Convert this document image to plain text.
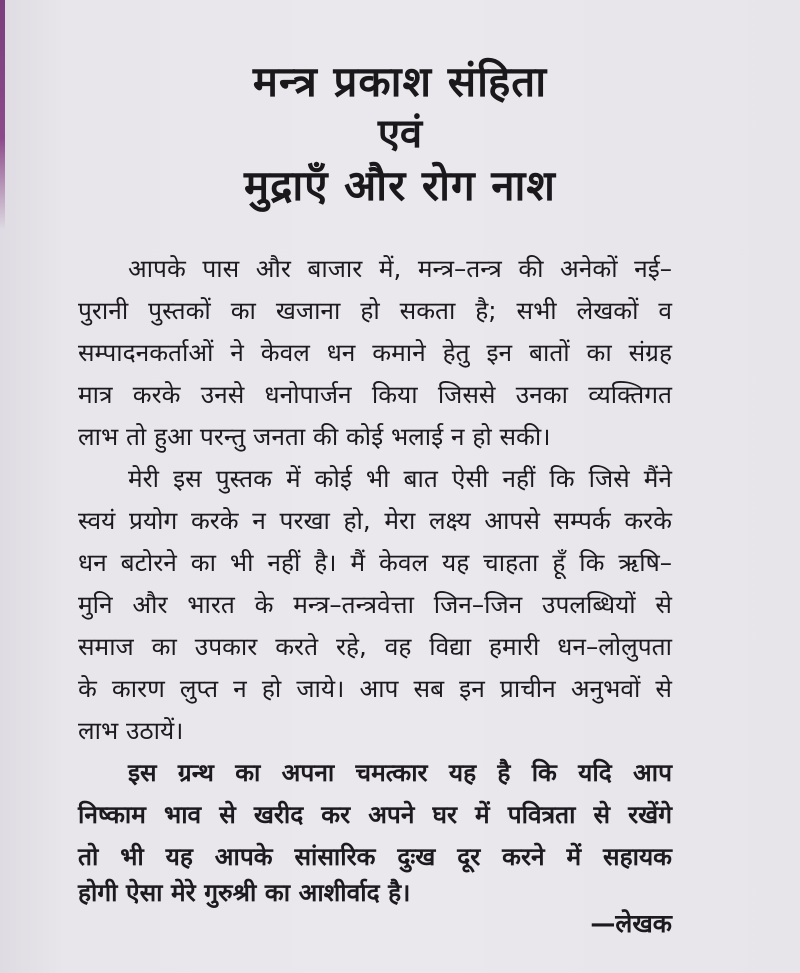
मन्त्र प्रकाश संहिता
एवं
मुद्राएँ और रोग नाश
आपके पास और बाजार में, मन्त्र–तन्त्र की अनेकों नई–
पुरानी पुस्तकों का खजाना हो सकता है; सभी लेखकों व
सम्पादनकर्ताओं ने केवल धन कमाने हेतु इन बातों का संग्रह
मात्र करके उनसे धनोपार्जन किया जिससे उनका व्यक्तिगत
लाभ तो हुआ परन्तु जनता की कोई भलाई न हो सकी।
मेरी इस पुस्तक में कोई भी बात ऐसी नहीं कि जिसे मैंने
स्वयं प्रयोग करके न परखा हो, मेरा लक्ष्य आपसे सम्पर्क करके
धन बटोरने का भी नहीं है। मैं केवल यह चाहता हूँ कि ऋषि–
मुनि और भारत के मन्त्र–तन्त्रवेत्ता जिन–जिन उपलब्धियों से
समाज का उपकार करते रहे, वह विद्या हमारी धन–लोलुपता
के कारण लुप्त न हो जाये। आप सब इन प्राचीन अनुभवों से
लाभ उठायें।
इस ग्रन्थ का अपना चमत्कार यह है कि यदि आप
निष्काम भाव से खरीद कर अपने घर में पवित्रता से रखेंगे
तो भी यह आपके सांसारिक दुःख दूर करने में सहायक
होगी ऐसा मेरे गुरुश्री का आशीर्वाद है।
—लेखक
